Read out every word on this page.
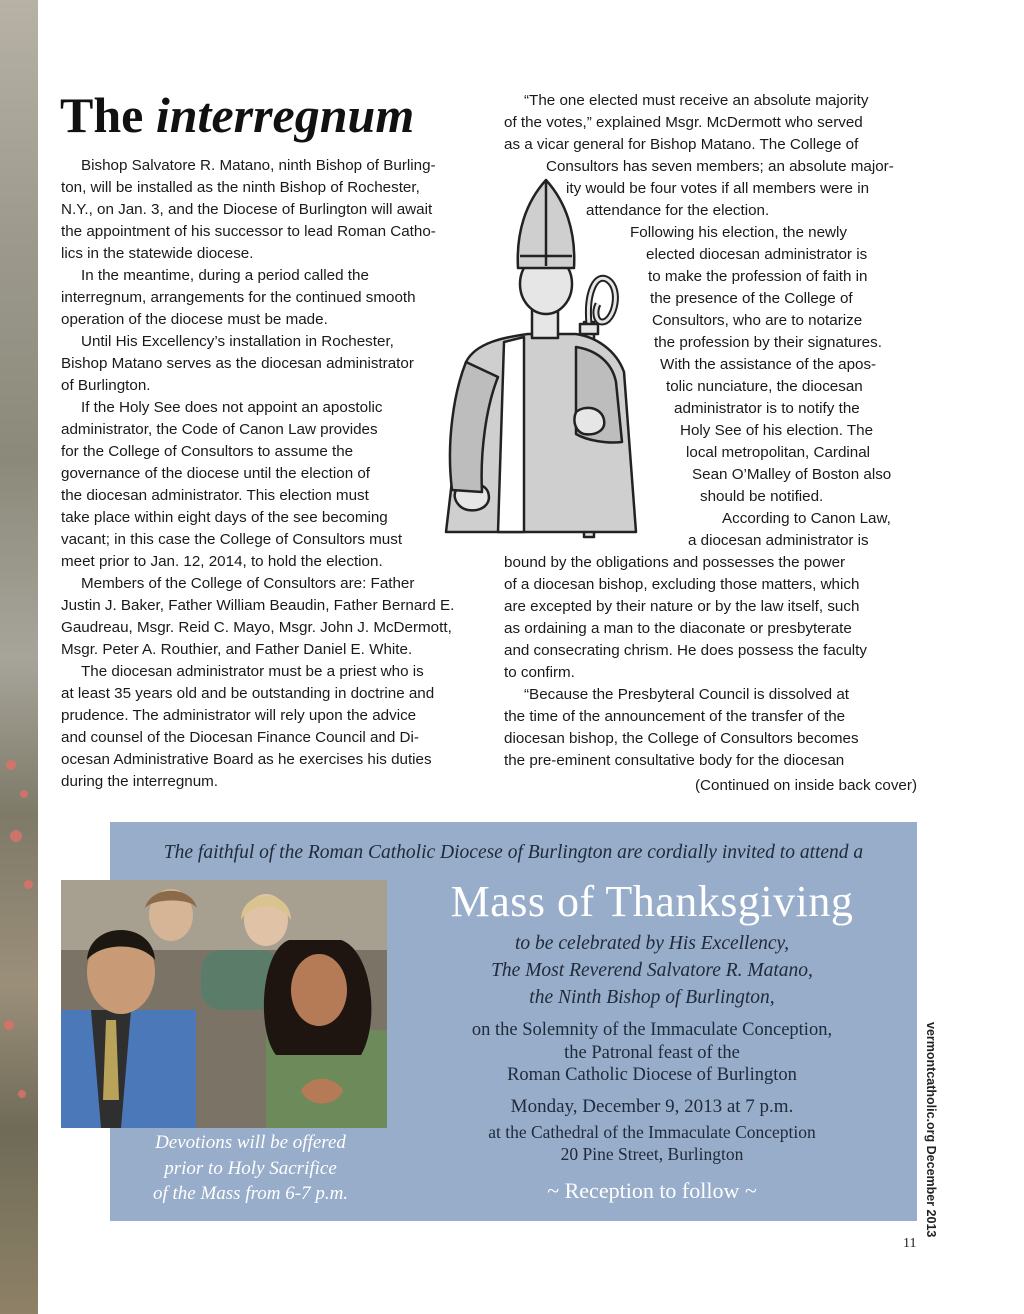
The interregnum
Bishop Salvatore R. Matano, ninth Bishop of Burling-
ton, will be installed as the ninth Bishop of Rochester,
N.Y., on Jan. 3, and the Diocese of Burlington will await
the appointment of his successor to lead Roman Catho-
lics in the statewide diocese.
In the meantime, during a period called the
interregnum, arrangements for the continued smooth
operation of the diocese must be made.
Until His Excellency’s installation in Rochester,
Bishop Matano serves as the diocesan administrator
of Burlington.
If the Holy See does not appoint an apostolic
administrator, the Code of Canon Law provides
for the College of Consultors to assume the
governance of the diocese until the election of
the diocesan administrator. This election must
take place within eight days of the see becoming
vacant; in this case the College of Consultors must
meet prior to Jan. 12, 2014, to hold the election.
Members of the College of Consultors are: Father
Justin J. Baker, Father William Beaudin, Father Bernard E.
Gaudreau, Msgr. Reid C. Mayo, Msgr. John J. McDermott,
Msgr. Peter A. Routhier, and Father Daniel E. White.
The diocesan administrator must be a priest who is
at least 35 years old and be outstanding in doctrine and
prudence. The administrator will rely upon the advice
and counsel of the Diocesan Finance Council and Di-
ocesan Administrative Board as he exercises his duties
during the interregnum.
“The one elected must receive an absolute majority
of the votes,” explained Msgr. McDermott who served
as a vicar general for Bishop Matano. The College of
Consultors has seven members; an absolute major-
ity would be four votes if all members were in
attendance for the election.
Following his election, the newly
elected diocesan administrator is
to make the profession of faith in
the presence of the College of
Consultors, who are to notarize
the profession by their signatures.
With the assistance of the apos-
tolic nunciature, the diocesan
administrator is to notify the
Holy See of his election. The
local metropolitan, Cardinal
Sean O’Malley of Boston also
should be notified.
According to Canon Law,
a diocesan administrator is
bound by the obligations and possesses the power
of a diocesan bishop, excluding those matters, which
are excepted by their nature or by the law itself, such
as ordaining a man to the diaconate or presbyterate
and consecrating chrism. He does possess the faculty
to confirm.
“Because the Presbyteral Council is dissolved at
the time of the announcement of the transfer of the
diocesan bishop, the College of Consultors becomes
the pre-eminent consultative body for the diocesan
(Continued on inside back cover)
The faithful of the Roman Catholic Diocese of Burlington are cordially invited to attend a
Devotions will be offered
prior to Holy Sacrifice
of the Mass from 6-7 p.m.
Mass of Thanksgiving
to be celebrated by His Excellency,
The Most Reverend Salvatore R. Matano,
the Ninth Bishop of Burlington,
on the Solemnity of the Immaculate Conception,
the Patronal feast of the
Roman Catholic Diocese of Burlington
Monday, December 9, 2013 at 7 p.m.
at the Cathedral of the Immaculate Conception
20 Pine Street, Burlington
~ Reception to follow ~	vermontcatholic.org December 2013
11
